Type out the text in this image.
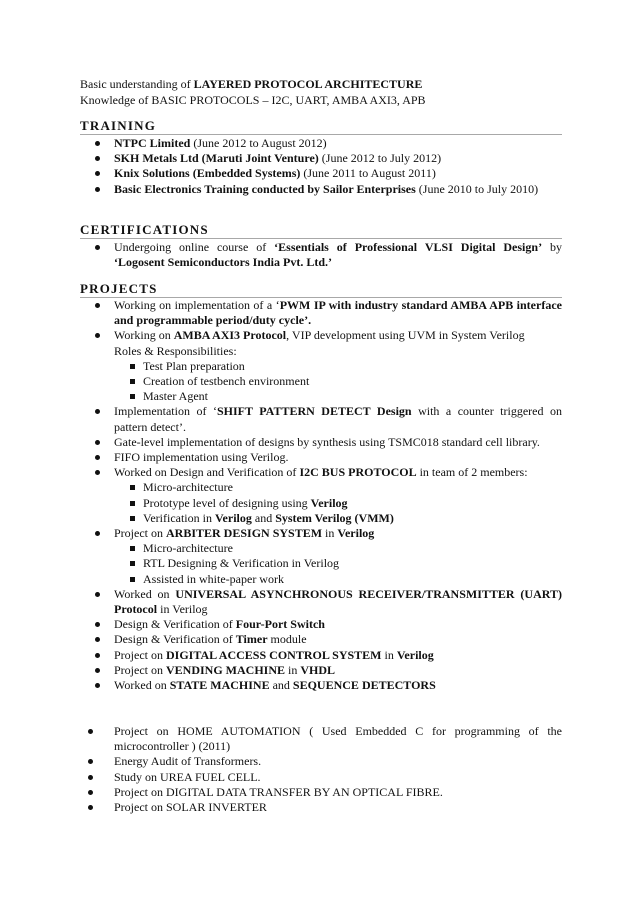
Basic understanding of LAYERED PROTOCOL ARCHITECTURE
Knowledge of BASIC PROTOCOLS – I2C, UART, AMBA AXI3, APB
TRAINING
NTPC Limited (June 2012 to August 2012)
SKH Metals Ltd (Maruti Joint Venture) (June 2012 to July 2012)
Knix Solutions (Embedded Systems) (June 2011 to August 2011)
Basic Electronics Training conducted by Sailor Enterprises (June 2010 to July 2010)
CERTIFICATIONS
Undergoing online course of ‘Essentials of Professional VLSI Digital Design’ by ‘Logosent Semiconductors India Pvt. Ltd.’
PROJECTS
Working on implementation of a ‘PWM IP with industry standard AMBA APB interface and programmable period/duty cycle’.
Working on AMBA AXI3 Protocol, VIP development using UVM in System Verilog
Roles & Responsibilities:
Test Plan preparation
Creation of testbench environment
Master Agent
Implementation of ‘SHIFT PATTERN DETECT Design with a counter triggered on pattern detect’.
Gate-level implementation of designs by synthesis using TSMC018 standard cell library.
FIFO implementation using Verilog.
Worked on Design and Verification of I2C BUS PROTOCOL in team of 2 members:
Micro-architecture
Prototype level of designing using Verilog
Verification in Verilog and System Verilog (VMM)
Project on ARBITER DESIGN SYSTEM in Verilog
Micro-architecture
RTL Designing & Verification in Verilog
Assisted in white-paper work
Worked on UNIVERSAL ASYNCHRONOUS RECEIVER/TRANSMITTER (UART) Protocol in Verilog
Design & Verification of Four-Port Switch
Design & Verification of Timer module
Project on DIGITAL ACCESS CONTROL SYSTEM in Verilog
Project on VENDING MACHINE in VHDL
Worked on STATE MACHINE and SEQUENCE DETECTORS
Project on HOME AUTOMATION ( Used Embedded C for programming of the microcontroller ) (2011)
Energy Audit of Transformers.
Study on UREA FUEL CELL.
Project on DIGITAL DATA TRANSFER BY AN OPTICAL FIBRE.
Project on SOLAR INVERTER
